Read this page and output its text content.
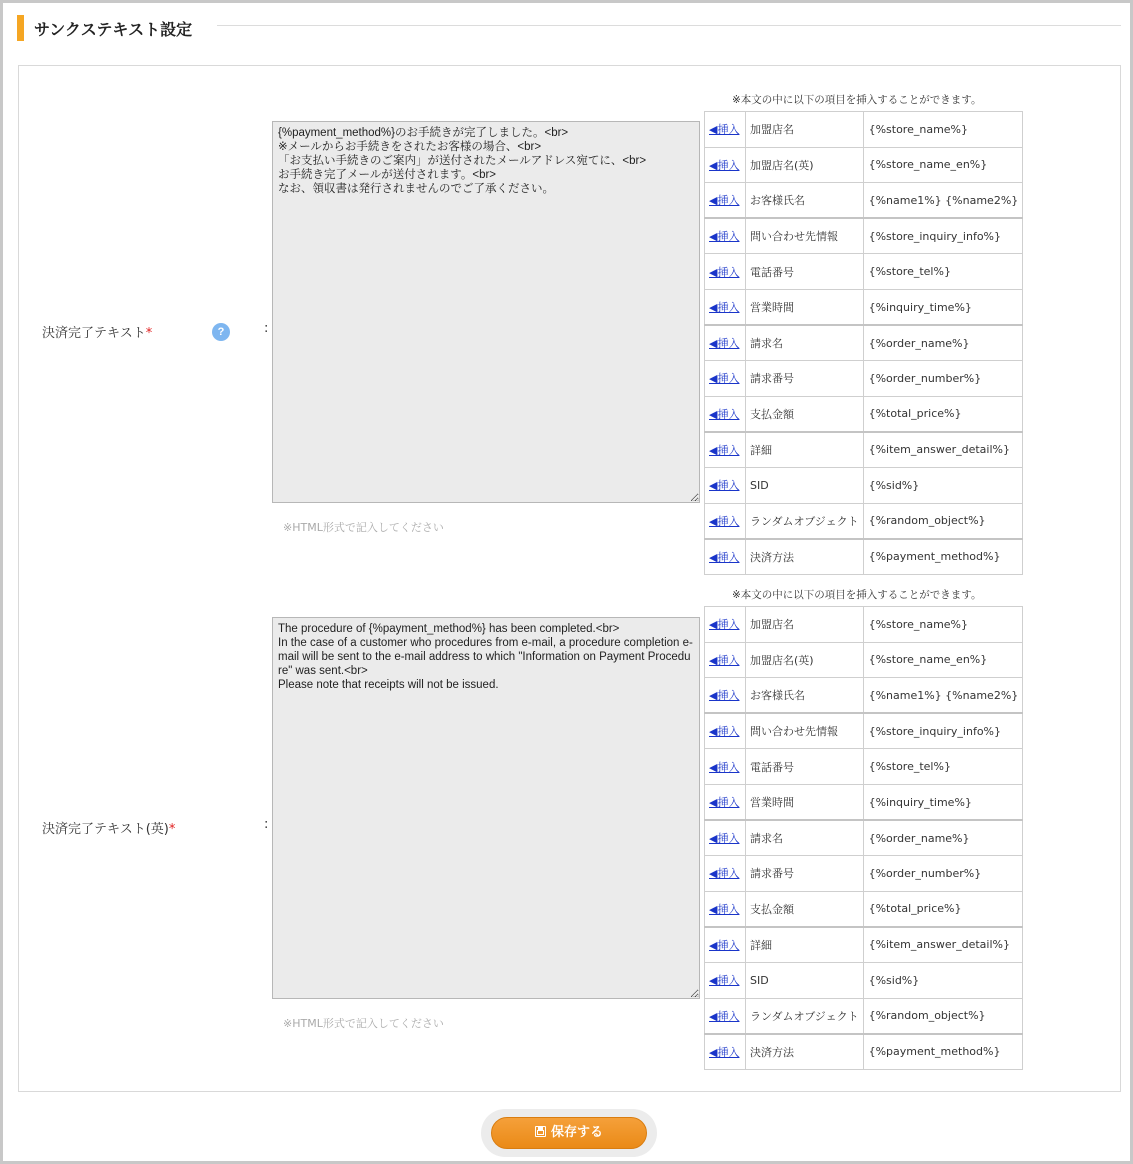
サンクステキスト設定
決済完了テキスト*	?	:
{%payment_method%}のお手続きが完了しました。<br>
※メールからお手続きをされたお客様の場合、<br>
「お支払い手続きのご案内」が送付されたメールアドレス宛てに、<br>
お手続き完了メールが送付されます。<br>
なお、領収書は発行されませんのでご了承ください。
※HTML形式で記入してください
※本文の中に以下の項目を挿入することができます。
◀挿入	加盟店名	{%store_name%}
◀挿入	加盟店名(英)	{%store_name_en%}
◀挿入	お客様氏名	{%name1%} {%name2%}
◀挿入	問い合わせ先情報	{%store_inquiry_info%}
◀挿入	電話番号	{%store_tel%}
◀挿入	営業時間	{%inquiry_time%}
◀挿入	請求名	{%order_name%}
◀挿入	請求番号	{%order_number%}
◀挿入	支払金額	{%total_price%}
◀挿入	詳細	{%item_answer_detail%}
◀挿入	SID	{%sid%}
◀挿入	ランダムオブジェクト	{%random_object%}
◀挿入	決済方法	{%payment_method%}
決済完了テキスト(英)*	:
The procedure of {%payment_method%} has been completed.<br>
In the case of a customer who procedures from e-mail, a procedure completion e-mail will be sent to the e-mail address to which "Information on Payment Procedure" was sent.<br>
Please note that receipts will not be issued.
※HTML形式で記入してください
※本文の中に以下の項目を挿入することができます。
◀挿入	加盟店名	{%store_name%}
◀挿入	加盟店名(英)	{%store_name_en%}
◀挿入	お客様氏名	{%name1%} {%name2%}
◀挿入	問い合わせ先情報	{%store_inquiry_info%}
◀挿入	電話番号	{%store_tel%}
◀挿入	営業時間	{%inquiry_time%}
◀挿入	請求名	{%order_name%}
◀挿入	請求番号	{%order_number%}
◀挿入	支払金額	{%total_price%}
◀挿入	詳細	{%item_answer_detail%}
◀挿入	SID	{%sid%}
◀挿入	ランダムオブジェクト	{%random_object%}
◀挿入	決済方法	{%payment_method%}
保存する
